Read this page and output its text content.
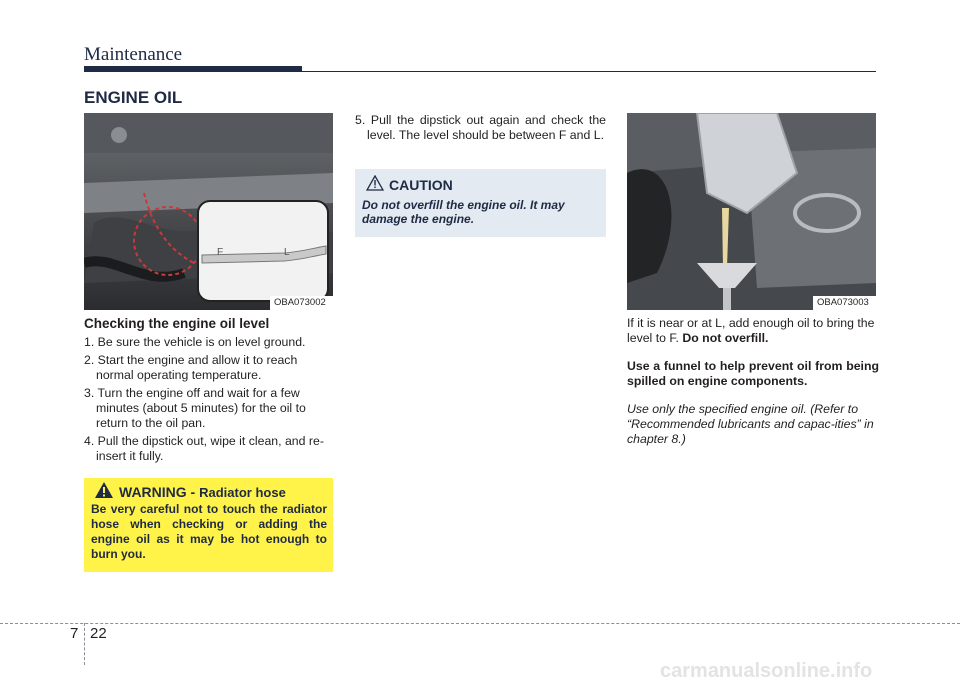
Maintenance
ENGINE OIL
F	L
OBA073002	OBA073003

Checking the engine oil level

1. Be sure the vehicle is on level ground.

2. Start the engine and allow it to reach normal operating temperature.

3. Turn the engine off and wait for a few minutes (about 5 minutes) for the oil to return to the oil pan.

4. Pull the dipstick out, wipe it clean, and re-insert it fully.

WARNING - Radiator hose
Be very careful not to touch the radiator hose when checking or adding the engine oil as it may be hot enough to burn you.

5. Pull the dipstick out again and check the level. The level should be between F and L.

CAUTION
Do not overfill the engine oil. It may damage the engine.

If it is near or at L, add enough oil to bring the level to F. Do not overfill.

Use a funnel to help prevent oil from being spilled on engine components.

Use only the specified engine oil. (Refer to “Recommended lubricants and capac-ities” in chapter 8.)

7 22
carmanualsonline.info
